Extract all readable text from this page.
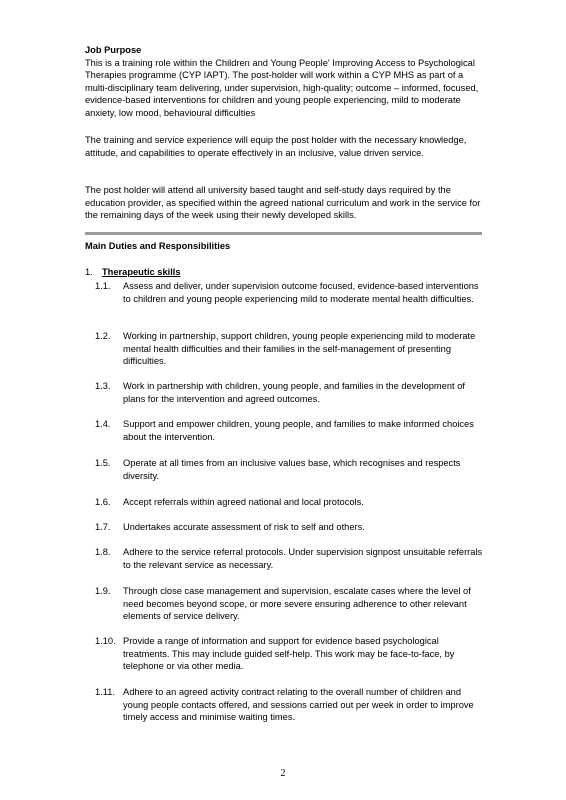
Job Purpose

This is a training role within the Children and Young People' Improving Access to Psychological Therapies programme (CYP IAPT). The post-holder will work within a CYP MHS as part of a multi-disciplinary team delivering, under supervision, high-quality; outcome – informed, focused, evidence-based interventions for children and young people experiencing, mild to moderate anxiety, low mood, behavioural difficulties

The training and service experience will equip the post holder with the necessary knowledge, attitude, and capabilities to operate effectively in an inclusive, value driven service.

The post holder will attend all university based taught and self-study days required by the education provider, as specified within the agreed national curriculum and work in the service for the remaining days of the week using their newly developed skills.

Main Duties and Responsibilities

1. Therapeutic skills
1.1.	Assess and deliver, under supervision outcome focused, evidence-based interventions to children and young people experiencing mild to moderate mental health difficulties.
1.2.	Working in partnership, support children, young people experiencing mild to moderate mental health difficulties and their families in the self-management of presenting difficulties.
1.3.	Work in partnership with children, young people, and families in the development of plans for the intervention and agreed outcomes.
1.4.	Support and empower children, young people, and families to make informed choices about the intervention.
1.5.	Operate at all times from an inclusive values base, which recognises and respects diversity.
1.6.	Accept referrals within agreed national and local protocols.
1.7.	Undertakes accurate assessment of risk to self and others.
1.8.	Adhere to the service referral protocols. Under supervision signpost unsuitable referrals to the relevant service as necessary.
1.9.	Through close case management and supervision, escalate cases where the level of need becomes beyond scope, or more severe ensuring adherence to other relevant elements of service delivery.
1.10. Provide a range of information and support for evidence based psychological treatments. This may include guided self-help. This work may be face-to-face, by telephone or via other media.
1.11. Adhere to an agreed activity contract relating to the overall number of children and young people contacts offered, and sessions carried out per week in order to improve timely access and minimise waiting times.
2
